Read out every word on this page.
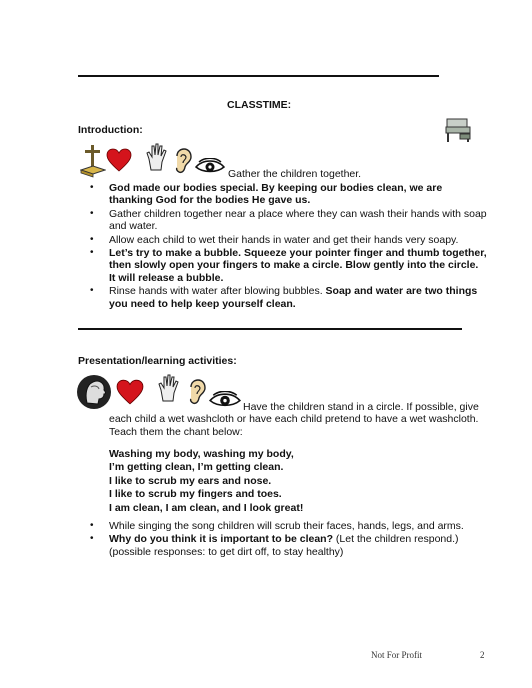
CLASSTIME:
Introduction:
Gather the children together.
• God made our bodies special. By keeping our bodies clean, we are thanking God for the bodies He gave us.
• Gather children together near a place where they can wash their hands with soap and water.
• Allow each child to wet their hands in water and get their hands very soapy.
• Let’s try to make a bubble. Squeeze your pointer finger and thumb together, then slowly open your fingers to make a circle. Blow gently into the circle. It will release a bubble.
• Rinse hands with water after blowing bubbles. Soap and water are two things you need to help keep yourself clean.
Presentation/learning activities:
Have the children stand in a circle. If possible, give
each child a wet washcloth or have each child pretend to have a wet washcloth.
Teach them the chant below:
Washing my body, washing my body,
I’m getting clean, I’m getting clean.
I like to scrub my ears and nose.
I like to scrub my fingers and toes.
I am clean, I am clean, and I look great!
• While singing the song children will scrub their faces, hands, legs, and arms.
• Why do you think it is important to be clean? (Let the children respond.)
(possible responses: to get dirt off, to stay healthy)
Not For Profit	2
